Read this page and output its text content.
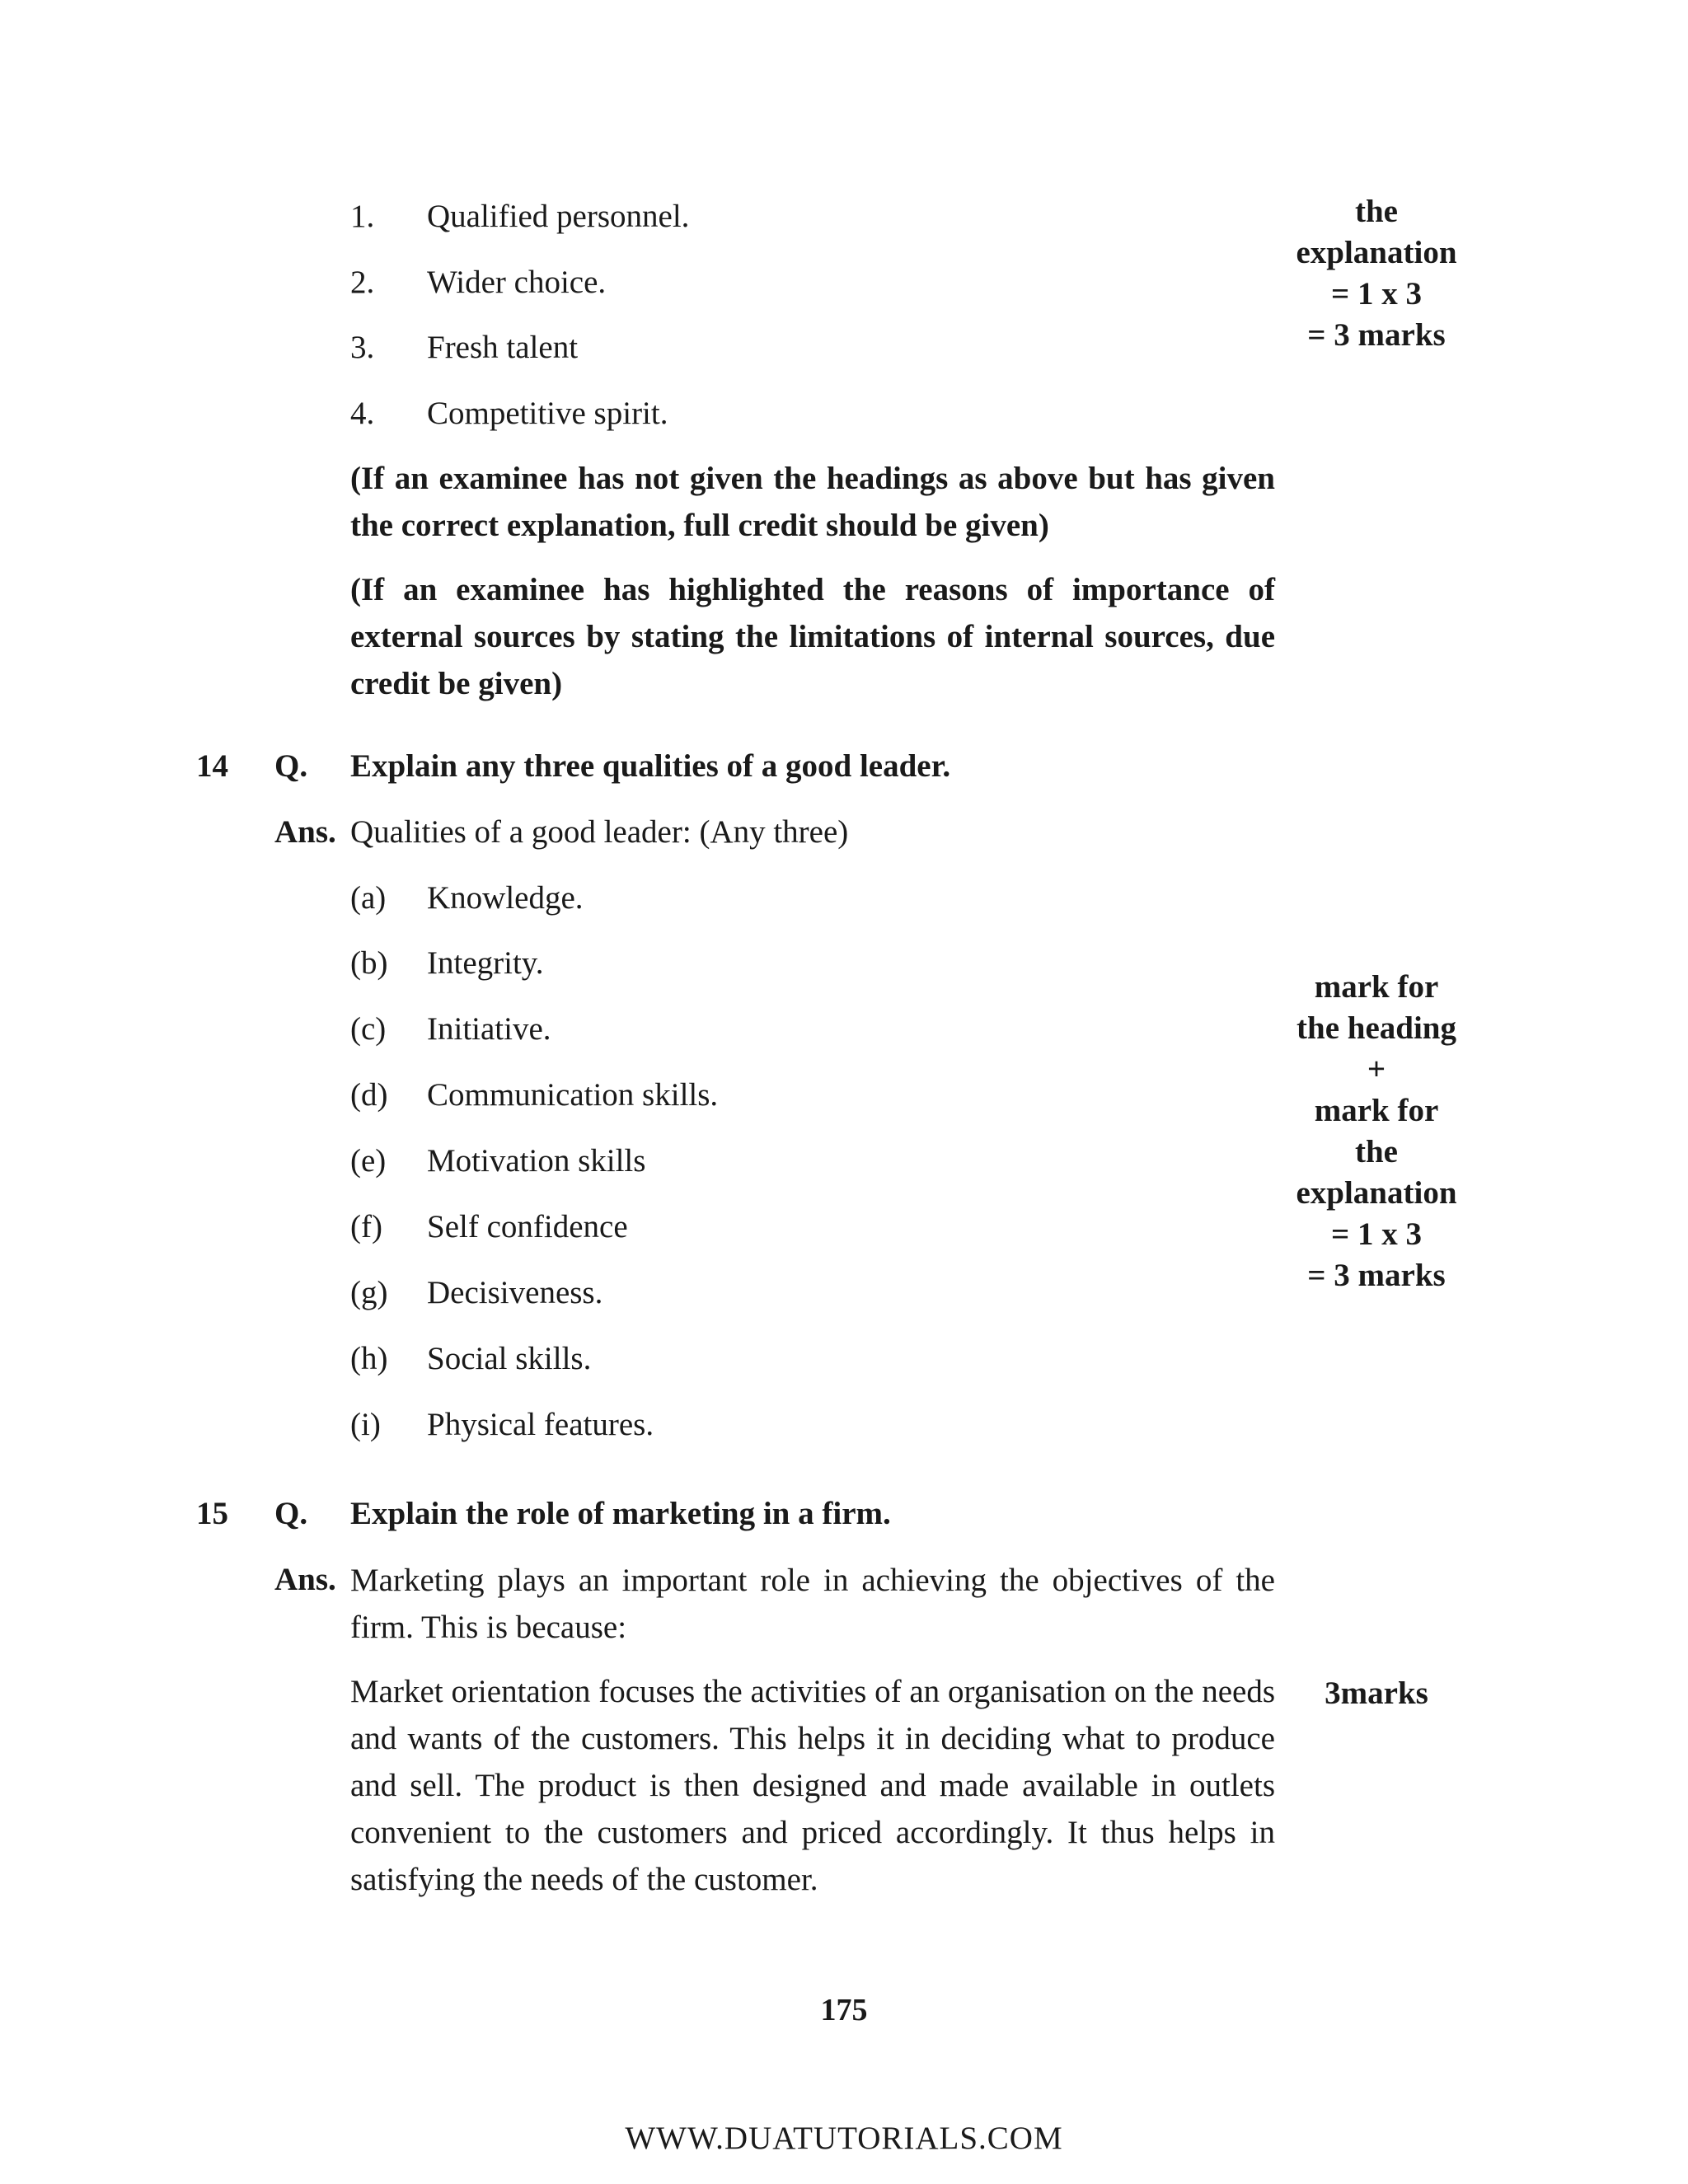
1. Qualified personnel.
2. Wider choice.
3. Fresh talent
4. Competitive spirit.
(If an examinee has not given the headings as above but has given the correct explanation, full credit should be given)
(If an examinee has highlighted the reasons of importance of external sources by stating the limitations of internal sources, due credit be given)
the
explanation
= 1 x 3
= 3 marks
14 Q. Explain any three qualities of a good leader.
Ans. Qualities of a good leader: (Any three)
(a) Knowledge.
(b) Integrity.
(c) Initiative.
(d) Communication skills.
(e) Motivation skills
(f) Self confidence
(g) Decisiveness.
(h) Social skills.
(i) Physical features.
mark for
the heading
+
mark for
the
explanation
= 1 x 3
= 3 marks
15 Q. Explain the role of marketing in a firm.
Ans. Marketing plays an important role in achieving the objectives of the firm. This is because:
Market orientation focuses the activities of an organisation on the needs and wants of the customers. This helps it in deciding what to produce and sell. The product is then designed and made available in outlets convenient to the customers and priced accordingly. It thus helps in satisfying the needs of the customer.
3marks
175
WWW.DUATUTORIALS.COM
